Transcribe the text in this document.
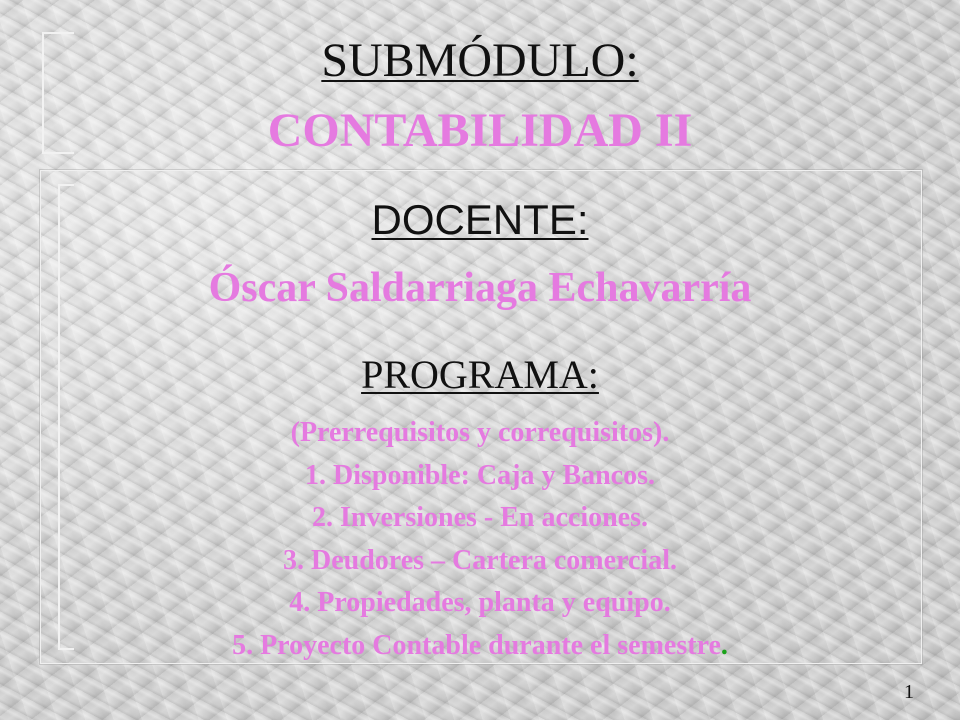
SUBMÓDULO:
CONTABILIDAD II
DOCENTE:
Óscar Saldarriaga Echavarría
PROGRAMA:
(Prerrequisitos y correquisitos).
1. Disponible: Caja y Bancos.
2. Inversiones - En acciones.
3. Deudores – Cartera comercial.
4. Propiedades, planta y equipo.
5. Proyecto Contable durante el semestre.
1
